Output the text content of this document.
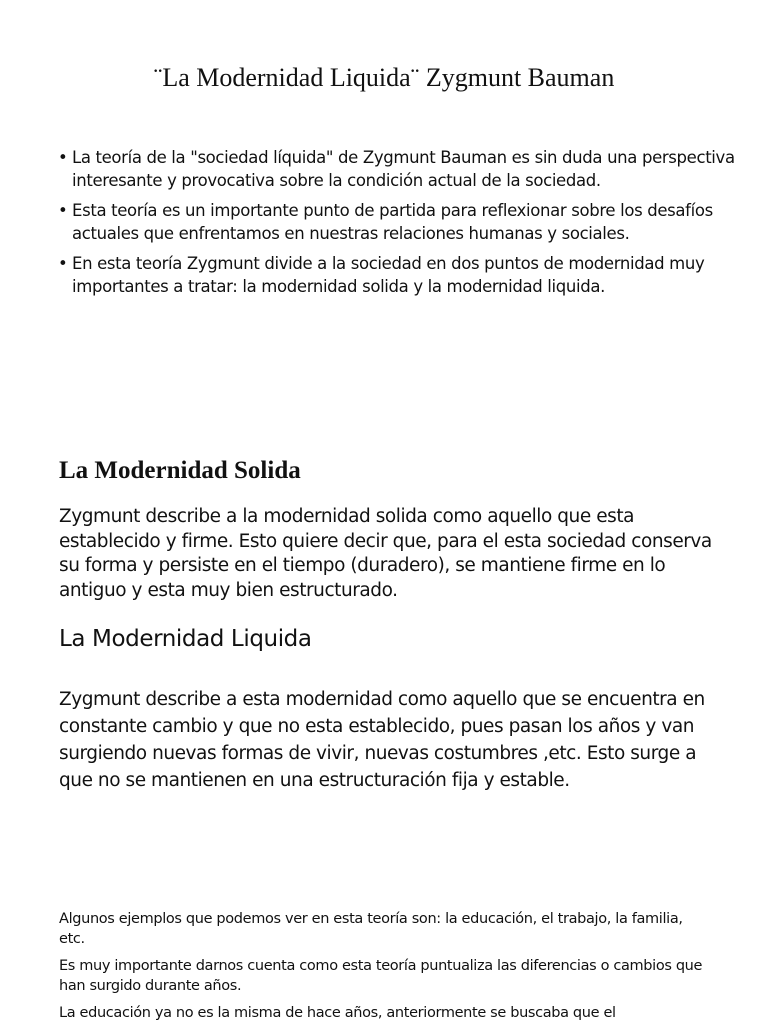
¨La Modernidad Liquida¨ Zygmunt Bauman
• La teoría de la "sociedad líquida" de Zygmunt Bauman es sin duda una perspectiva interesante y provocativa sobre la condición actual de la sociedad.
• Esta teoría es un importante punto de partida para reflexionar sobre los desafíos actuales que enfrentamos en nuestras relaciones humanas y sociales.
• En esta teoría Zygmunt divide a la sociedad en dos puntos de modernidad muy importantes a tratar: la modernidad solida y la modernidad liquida.
La Modernidad Solida

Zygmunt describe a la modernidad solida como aquello que esta establecido y firme. Esto quiere decir que, para el esta sociedad conserva su forma y persiste en el tiempo (duradero), se mantiene firme en lo antiguo y esta muy bien estructurado.

La Modernidad Liquida

Zygmunt describe a esta modernidad como aquello que se encuentra en constante cambio y que no esta establecido, pues pasan los años y van surgiendo nuevas formas de vivir, nuevas costumbres ,etc. Esto surge a que no se mantienen en una estructuración fija y estable.

Algunos ejemplos que podemos ver en esta teoría son: la educación, el trabajo, la familia, etc.

Es muy importante darnos cuenta como esta teoría puntualiza las diferencias o cambios que han surgido durante años.

La educación ya no es la misma de hace años, anteriormente se buscaba que el
